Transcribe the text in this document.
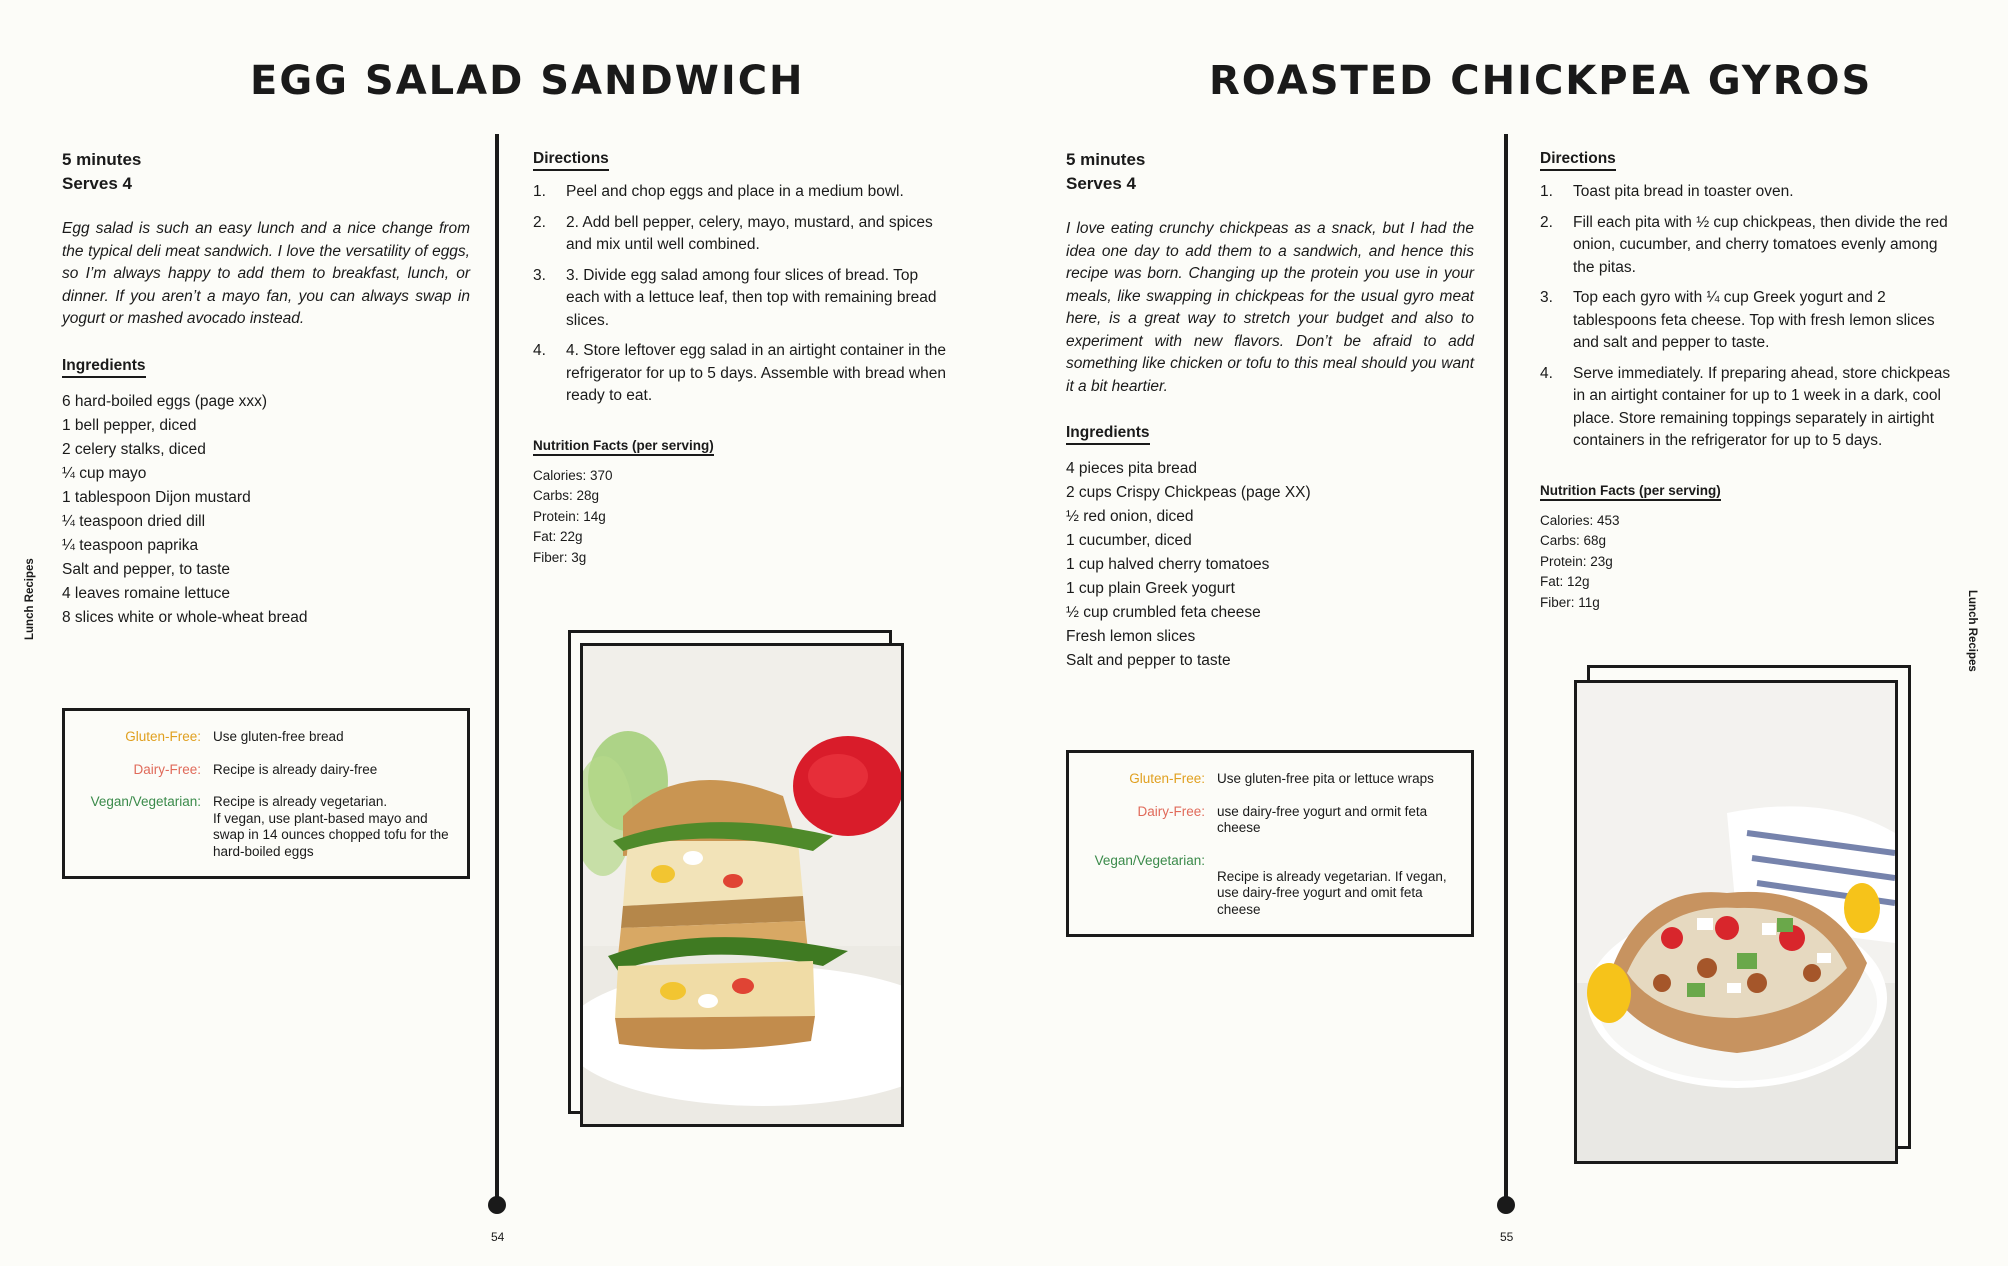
EGG SALAD SANDWICH
5 minutes
Serves 4

Egg salad is such an easy lunch and a nice change from the typical deli meat sandwich. I love the versatility of eggs, so I’m always happy to add them to breakfast, lunch, or dinner. If you aren’t a mayo fan, you can always swap in yogurt or mashed avocado instead.

Ingredients
6 hard-boiled eggs (page xxx)
1 bell pepper, diced
2 celery stalks, diced
¼ cup mayo
1 tablespoon Dijon mustard
¼ teaspoon dried dill
¼ teaspoon paprika
Salt and pepper, to taste
4 leaves romaine lettuce
8 slices white or whole-wheat bread
Gluten-Free: Use gluten-free bread
Dairy-Free: Recipe is already dairy-free
Vegan/Vegetarian: Recipe is already vegetarian.
If vegan, use plant-based mayo and swap in 14 ounces chopped tofu for the hard-boiled eggs
Directions
1. Peel and chop eggs and place in a medium bowl.
2. 2. Add bell pepper, celery, mayo, mustard, and spices and mix until well combined.
3. 3. Divide egg salad among four slices of bread. Top each with a lettuce leaf, then top with remaining bread slices.
4. 4. Store leftover egg salad in an airtight container in the refrigerator for up to 5 days. Assemble with bread when ready to eat.
Nutrition Facts (per serving)
Calories: 370
Carbs: 28g
Protein: 14g
Fat: 22g
Fiber: 3g
54
Lunch Recipes
ROASTED CHICKPEA GYROS
5 minutes
Serves 4

I love eating crunchy chickpeas as a snack, but I had the idea one day to add them to a sandwich, and hence this recipe was born. Changing up the protein you use in your meals, like swapping in chickpeas for the usual gyro meat here, is a great way to stretch your budget and also to experiment with new flavors. Don’t be afraid to add something like chicken or tofu to this meal should you want it a bit heartier.

Ingredients
4 pieces pita bread
2 cups Crispy Chickpeas (page XX)
½ red onion, diced
1 cucumber, diced
1 cup halved cherry tomatoes
1 cup plain Greek yogurt
½ cup crumbled feta cheese
Fresh lemon slices
Salt and pepper to taste
Gluten-Free: Use gluten-free pita or lettuce wraps
Dairy-Free: use dairy-free yogurt and ormit feta cheese
Vegan/Vegetarian:
Recipe is already vegetarian. If vegan, use dairy-free yogurt and omit feta cheese
Directions
1. Toast pita bread in toaster oven.
2. Fill each pita with ½ cup chickpeas, then divide the red onion, cucumber, and cherry tomatoes evenly among the pitas.
3. Top each gyro with ¼ cup Greek yogurt and 2 tablespoons feta cheese. Top with fresh lemon slices and salt and pepper to taste.
4. Serve immediately. If preparing ahead, store chickpeas in an airtight container for up to 1 week in a dark, cool place. Store remaining toppings separately in airtight containers in the refrigerator for up to 5 days.
Nutrition Facts (per serving)
Calories: 453
Carbs: 68g
Protein: 23g
Fat: 12g
Fiber: 11g
55
Lunch Recipes
